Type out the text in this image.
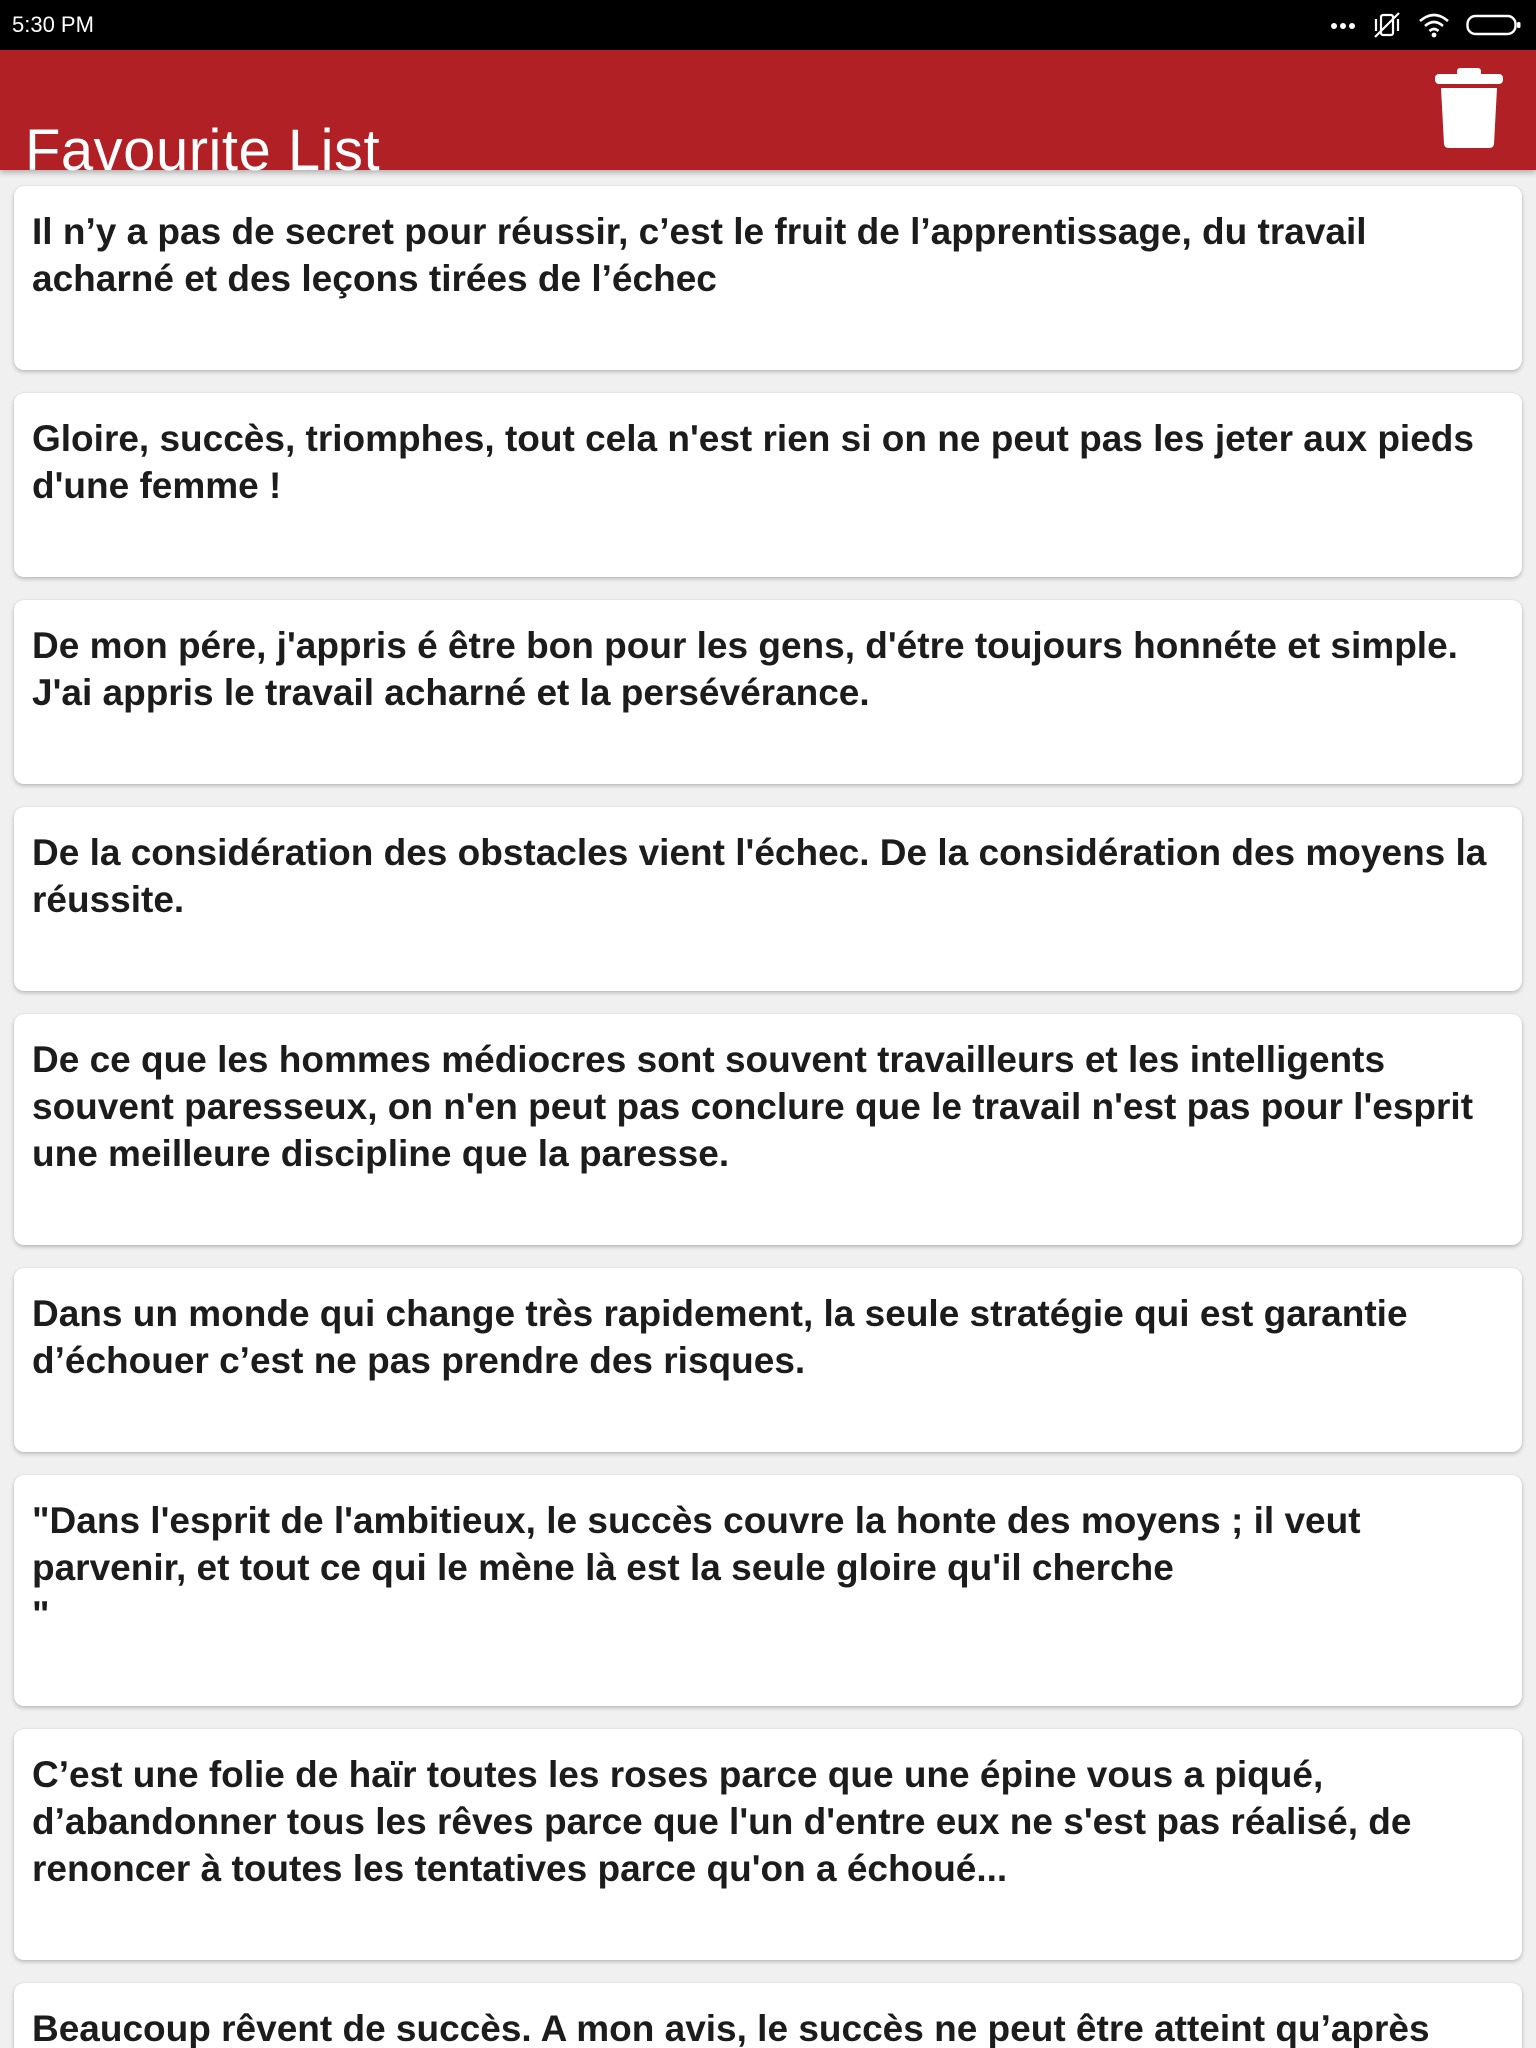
5:30 PM
Favourite List

Il n’y a pas de secret pour réussir, c’est le fruit de l’apprentissage, du travail acharné et des leçons tirées de l’échec

Gloire, succès, triomphes, tout cela n'est rien si on ne peut pas les jeter aux pieds d'une femme !

De mon pére, j'appris é être bon pour les gens, d'étre toujours honnéte et simple. J'ai appris le travail acharné et la persévérance.

De la considération des obstacles vient l'échec. De la considération des moyens la réussite.

De ce que les hommes médiocres sont souvent travailleurs et les intelligents souvent paresseux, on n'en peut pas conclure que le travail n'est pas pour l'esprit une meilleure discipline que la paresse.

Dans un monde qui change très rapidement, la seule stratégie qui est garantie d’échouer c’est ne pas prendre des risques.

"Dans l'esprit de l'ambitieux, le succès couvre la honte des moyens ; il veut parvenir, et tout ce qui le mène là est la seule gloire qu'il cherche
"

C’est une folie de haïr toutes les roses parce que une épine vous a piqué, d’abandonner tous les rêves parce que l'un d'entre eux ne s'est pas réalisé, de renoncer à toutes les tentatives parce qu'on a échoué...

Beaucoup rêvent de succès. A mon avis, le succès ne peut être atteint qu’après
